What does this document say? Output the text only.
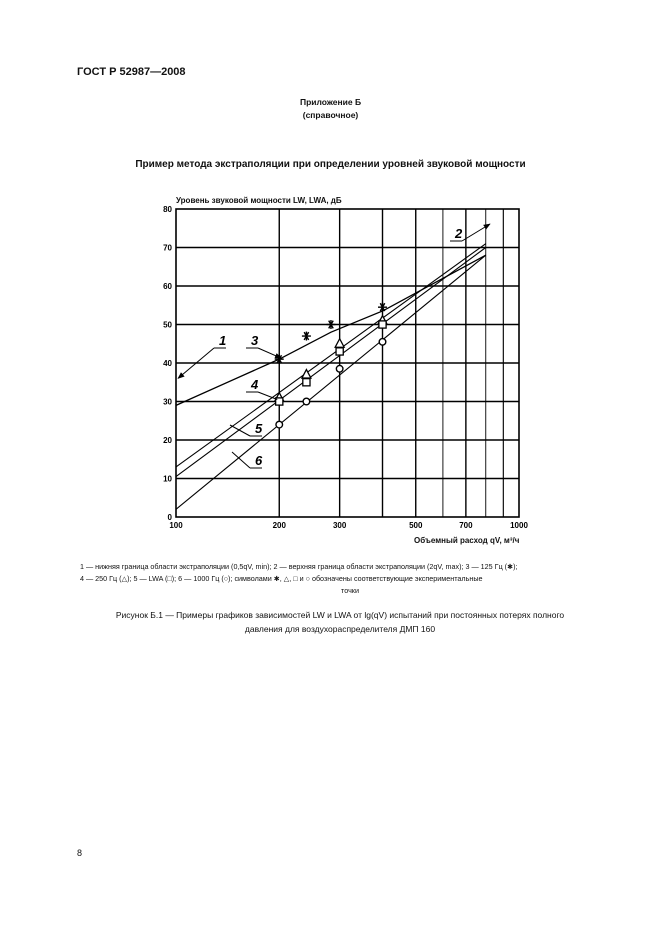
ГОСТ Р 52987—2008
Приложение Б
(справочное)
Пример метода экстраполяции при определении уровней звуковой мощности
Уровень звуковой мощности LW, LWA, дБ
0
10
20
30
40
50
60
70
80
100	200	300	500	700	1000
1
2
3
4
5
6
Объемный расход qV, м³/ч
1 — нижняя граница области экстраполяции (0,5qV, min); 2 — верхняя граница области экстраполяции (2qV, max); 3 — 125 Гц (✱);
4 — 250 Гц (△); 5 — LWA (□); 6 — 1000 Гц (○); символами ✱, △, □ и ○ обозначены соответствующие экспериментальные
точки
Рисунок Б.1 — Примеры графиков зависимостей LW и LWA от lg(qV) испытаний при постоянных потерях полного
давления для воздухораспределителя ДМП 160
8
